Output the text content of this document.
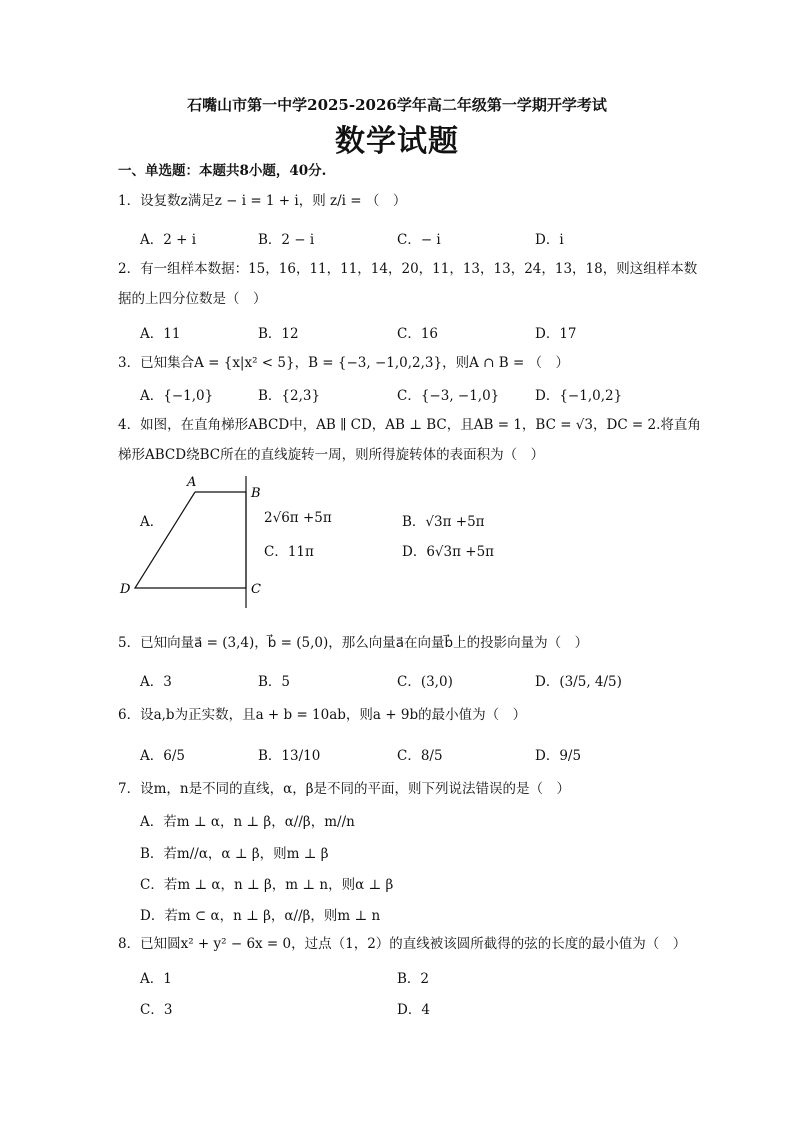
石嘴山市第一中学2025-2026学年高二年级第一学期开学考试
数学试题
一、单选题：本题共8小题，40分.
1．设复数z满足z − i = 1 + i，则 z/i = （　）
A．2 + i	B．2 − i	C．− i	D．i
2．有一组样本数据：15，16，11，11，14，20，11，13，13，24，13，18，则这组样本数
据的上四分位数是（　）
A．11	B．12	C．16	D．17
3．已知集合A = {x|x² < 5}，B = {−3, −1,0,2,3}，则A ∩ B = （　）
A．{−1,0}	B．{2,3}	C．{−3, −1,0}	D．{−1,0,2}
4．如图，在直角梯形ABCD中，AB ∥ CD，AB ⊥ BC，且AB = 1，BC = √3，DC = 2.将直角
梯形ABCD绕BC所在的直线旋转一周，则所得旋转体的表面积为（　）
A
B
C
D
A．	2√6π +5π	B．√3π +5π
C．11π	D．6√3π +5π
5．已知向量a⃗ = (3,4)，b⃗ = (5,0)，那么向量a⃗在向量b⃗上的投影向量为（　）
A．3	B．5	C．(3,0)	D．(3/5, 4/5)
6．设a,b为正实数，且a + b = 10ab，则a + 9b的最小值为（　）
A．6/5	B．13/10	C．8/5	D．9/5
7．设m，n是不同的直线，α，β是不同的平面，则下列说法错误的是（　）
A．若m ⊥ α，n ⊥ β，α//β，m//n
B．若m//α，α ⊥ β，则m ⊥ β
C．若m ⊥ α，n ⊥ β，m ⊥ n，则α ⊥ β
D．若m ⊂ α，n ⊥ β，α//β，则m ⊥ n
8．已知圆x² + y² − 6x = 0，过点（1，2）的直线被该圆所截得的弦的长度的最小值为（　）
A．1	B．2
C．3	D．4
